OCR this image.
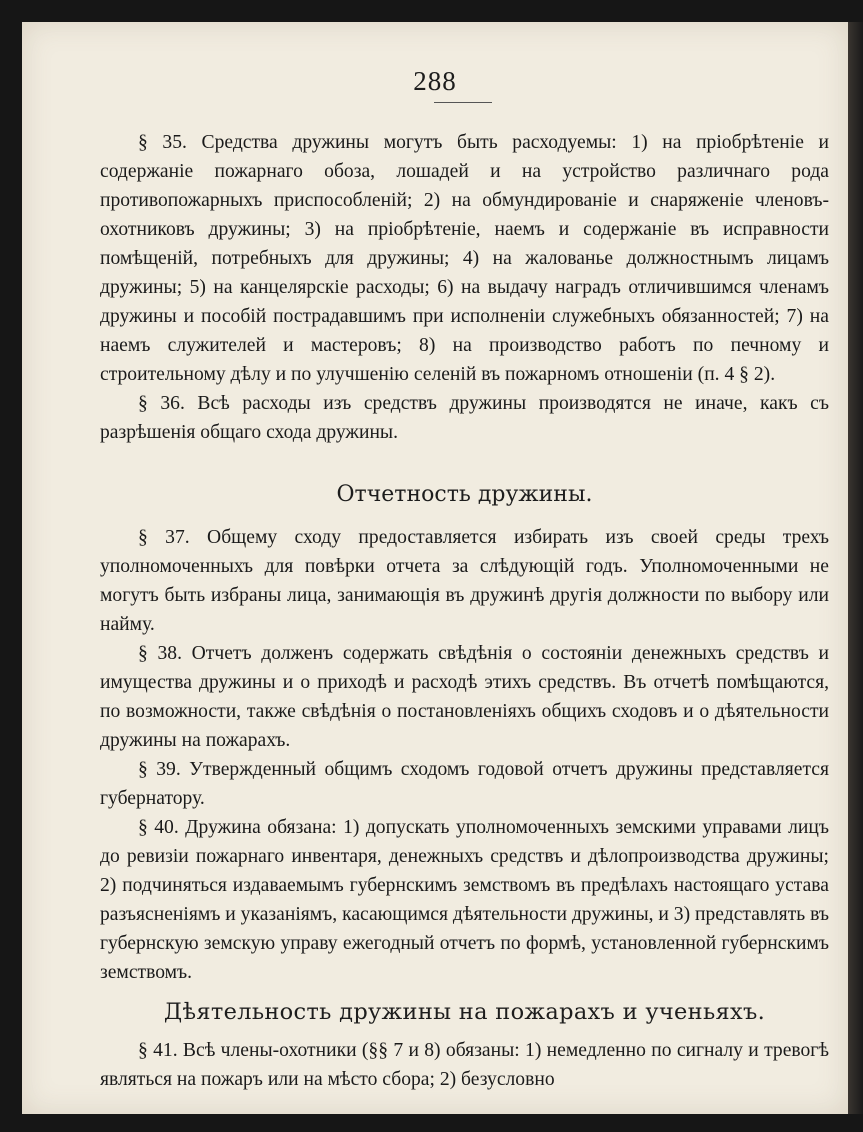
288

§ 35. Средства дружины могутъ быть расходуемы: 1) на пріобрѣтеніе и содержаніе пожарнаго обоза, лошадей и на устройство различнаго рода противопожарныхъ приспособленій; 2) на обмундированіе и снаряженіе членовъ-охотниковъ дружины; 3) на пріобрѣтеніе, наемъ и содержаніе въ исправности помѣщеній, потребныхъ для дружины; 4) на жалованье должностнымъ лицамъ дружины; 5) на канцелярскіе расходы; 6) на выдачу наградъ отличившимся членамъ дружины и пособій пострадавшимъ при исполненіи служебныхъ обязанностей; 7) на наемъ служителей и мастеровъ; 8) на производство работъ по печному и строительному дѣлу и по улучшенію селеній въ пожарномъ отношеніи (п. 4 § 2).

§ 36. Всѣ расходы изъ средствъ дружины производятся не иначе, какъ съ разрѣшенія общаго схода дружины.

Отчетность дружины.

§ 37. Общему сходу предоставляется избирать изъ своей среды трехъ уполномоченныхъ для повѣрки отчета за слѣдующій годъ. Уполномоченными не могутъ быть избраны лица, занимающія въ дружинѣ другія должности по выбору или найму.

§ 38. Отчетъ долженъ содержать свѣдѣнія о состояніи денежныхъ средствъ и имущества дружины и о приходѣ и расходѣ этихъ средствъ. Въ отчетѣ помѣщаются, по возможности, также свѣдѣнія о постановленіяхъ общихъ сходовъ и о дѣятельности дружины на пожарахъ.

§ 39. Утвержденный общимъ сходомъ годовой отчетъ дружины представляется губернатору.

§ 40. Дружина обязана: 1) допускать уполномоченныхъ земскими управами лицъ до ревизіи пожарнаго инвентаря, денежныхъ средствъ и дѣлопроизводства дружины; 2) подчиняться издаваемымъ губернскимъ земствомъ въ предѣлахъ настоящаго устава разъясненіямъ и указаніямъ, касающимся дѣятельности дружины, и 3) представлять въ губернскую земскую управу ежегодный отчетъ по формѣ, установленной губернскимъ земствомъ.

Дѣятельность дружины на пожарахъ и ученьяхъ.

§ 41. Всѣ члены-охотники (§§ 7 и 8) обязаны: 1) немедленно по сигналу и тревогѣ являться на пожаръ или на мѣсто сбора; 2) безусловно
